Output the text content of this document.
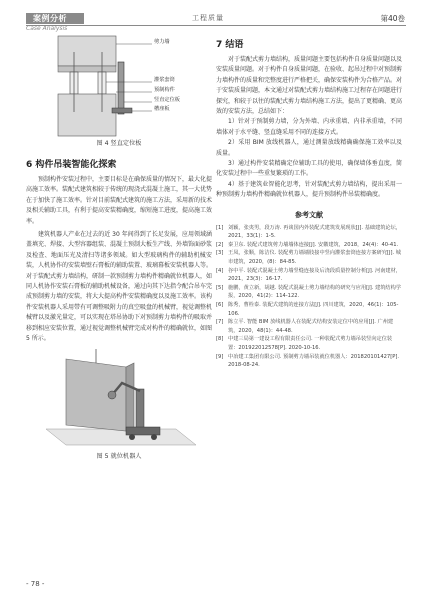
案例分析	工程质量	第40卷
Case Analysis
剪力墙
灌浆套筒
预制构件
竖直定位板
槽座板
图 4 竖直定位板

6 构件吊装智能化探索

预制构件安装过程中，主要目标是在确保质量的情况下，最大化提高施工效率。装配式建筑相较于传统的现浇式混凝土施工，其一大优势在于加快了施工效率。针对目前装配式建筑的施工方法，采用新的技术及相关辅助工具，有利于提高安装精确度，缩短施工进度，提高施工效率。

建筑机器人产业在过去的近 30 年间得到了长足发展，应用领域涵盖填充、焊接、大型容器组装、混凝土预制大板生产线、外墙饰面砂浆及检查、地面压光及清扫等诸多领域。如大型玻璃构件的辅助机械安装，人机协作的安装墙壁石膏板的辅助装置、玻璃幕板安装机器人等。对于装配式剪力墙结构，研制一款预制剪力墙构件精确就位机器人，如同人机协作安装石膏板的辅助机械设备，通过向其下达指令配合吊车完成预制剪力墙的安装，将大大提高构件安装精确度以及施工效率。该构件安装机器人采用带有可调整吸附力的真空吸盘的机械臂，视觉调整机械臂以及激光量定，可以实现在塔吊协助下对预制剪力墙构件的吸取并移到相应安装位置，通过视觉调整机械臂完成对构件的精确就位，如图 5 所示。

图 5 就位机器人

7 结语

对于装配式剪力墙结构，质量问题主要包括构件自身质量问题以及安装质量问题。对于构件自身质量问题，在验收、起吊过程中对预制剪力墙构件的质量和完整度进行严格把关，确保安装构件为合格产品。对于安装质量问题，本文通过对装配式剪力墙结构施工过程存在问题进行探究，和较于以往的装配式剪力墙结构施工方法，提出了更精确、更高效的安装方法，总结如下：

1）针对于预制剪力墙，分为外墙、内承重墙、内非承重墙，不同墙体对于水平缝、竖直缝采用不同的连接方式。

2）采用 BIM 放线机器人，通过测量放线精确确保施工效率以及质量。

3）通过构件安装精确定位辅助工具的使用，确保墙体垂直度，简化安装过程中一些重复繁琐的工作。

4）基于建筑业智能化思考，针对装配式剪力墙结构，提出采用一种预制剪力墙构件精确就位机器人，提升预制构件吊装精确度。

参考文献

[1] 刘颖，张夷男，段万涛. 再谈国内外装配式建筑发展现状[J]. 基础建筑论坛，2021，33(1)：1-5.

[2] 秦卫东. 装配式建筑剪力墙墙体连接[J]. 安徽建筑，2018，24(4)：40-41.

[3] 王凤，张顺，陈洁仪. 装配剪力墙墙肢接中竖向灌浆套筒连接方案研究[J]. 城市建筑，2020，(8)：84-85.

[4] 谷中平. 装配式混凝土剪力墙竖缝连接及后浇段质量控制分析[J]. 河南建材，2021，23(3)：16-17.

[5] 施鹏，黄立新，胡越. 装配式混凝土剪力墙结构的研究与应用[J]. 建筑结构学报，2020，41(2)：114-122.

[6] 陈秀，曹栓泰. 装配式建筑的连接方法[J]. 四川建筑，2020，46(1)：105-106.

[7] 陈立平. 智能 BIM 放线机器人在装配式结构安装定位中的应用[J]. 广州建筑，2020，48(1)：44-48.

[8] 中建三局第一建设工程有限责任公司. 一种装配式剪力墙吊装竖向定位装置：201922012578[P]. 2020-10-16.

[9] 中冶建工集团有限公司. 预制剪力墙吊装就位机器人：201820101427[P]. 2018-08-24.

- 78 -
